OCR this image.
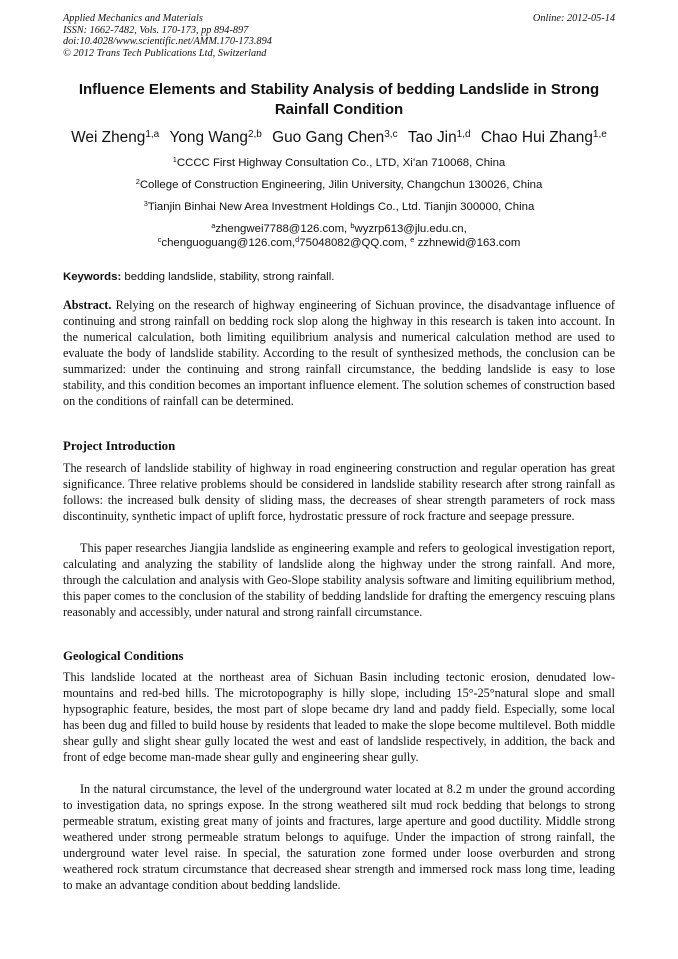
Applied Mechanics and Materials
ISSN: 1662-7482, Vols. 170-173, pp 894-897
doi:10.4028/www.scientific.net/AMM.170-173.894
© 2012 Trans Tech Publications Ltd, Switzerland
Online: 2012-05-14
Influence Elements and Stability Analysis of bedding Landslide in Strong Rainfall Condition
Wei Zheng$^{1,a}$ Yong Wang$^{2,b}$ Guo Gang Chen$^{3,c}$ Tao Jin$^{1,d}$ Chao Hui Zhang$^{1,e}$
$^1$CCCC First Highway Consultation Co., LTD, Xi’an 710068, China
$^2$College of Construction Engineering, Jilin University, Changchun 130026, China
$^3$Tianjin Binhai New Area Investment Holdings Co., Ltd. Tianjin 300000, China
$^a$zhengwei7788@126.com, $^b$wyzrp613@jlu.edu.cn,
$^c$chenguoguang@126.com,$^d$75048082@QQ.com, $^e$ zzhnewid@163.com
Keywords: bedding landslide, stability, strong rainfall.

Abstract. Relying on the research of highway engineering of Sichuan province, the disadvantage influence of continuing and strong rainfall on bedding rock slop along the highway in this research is taken into account. In the numerical calculation, both limiting equilibrium analysis and numerical calculation method are used to evaluate the body of landslide stability. According to the result of synthesized methods, the conclusion can be summarized: under the continuing and strong rainfall circumstance, the bedding landslide is easy to lose stability, and this condition becomes an important influence element. The solution schemes of construction based on the conditions of rainfall can be determined.

Project Introduction

The research of landslide stability of highway in road engineering construction and regular operation has great significance. Three relative problems should be considered in landslide stability research after strong rainfall as follows: the increased bulk density of sliding mass, the decreases of shear strength parameters of rock mass discontinuity, synthetic impact of uplift force, hydrostatic pressure of rock fracture and seepage pressure.

This paper researches Jiangjia landslide as engineering example and refers to geological investigation report, calculating and analyzing the stability of landslide along the highway under the strong rainfall. And more, through the calculation and analysis with Geo-Slope stability analysis software and limiting equilibrium method, this paper comes to the conclusion of the stability of bedding landslide for drafting the emergency rescuing plans reasonably and accessibly, under natural and strong rainfall circumstance.

Geological Conditions

This landslide located at the northeast area of Sichuan Basin including tectonic erosion, denudated low-mountains and red-bed hills. The microtopography is hilly slope, including 15°-25°natural slope and small hypsographic feature, besides, the most part of slope became dry land and paddy field. Especially, some local has been dug and filled to build house by residents that leaded to make the slope become multilevel. Both middle shear gully and slight shear gully located the west and east of landslide respectively, in addition, the back and front of edge become man-made shear gully and engineering shear gully.

In the natural circumstance, the level of the underground water located at 8.2 m under the ground according to investigation data, no springs expose. In the strong weathered silt mud rock bedding that belongs to strong permeable stratum, existing great many of joints and fractures, large aperture and good ductility. Middle strong weathered under strong permeable stratum belongs to aquifuge. Under the impaction of strong rainfall, the underground water level raise. In special, the saturation zone formed under loose overburden and strong weathered rock stratum circumstance that decreased shear strength and immersed rock mass long time, leading to make an advantage condition about bedding landslide.
